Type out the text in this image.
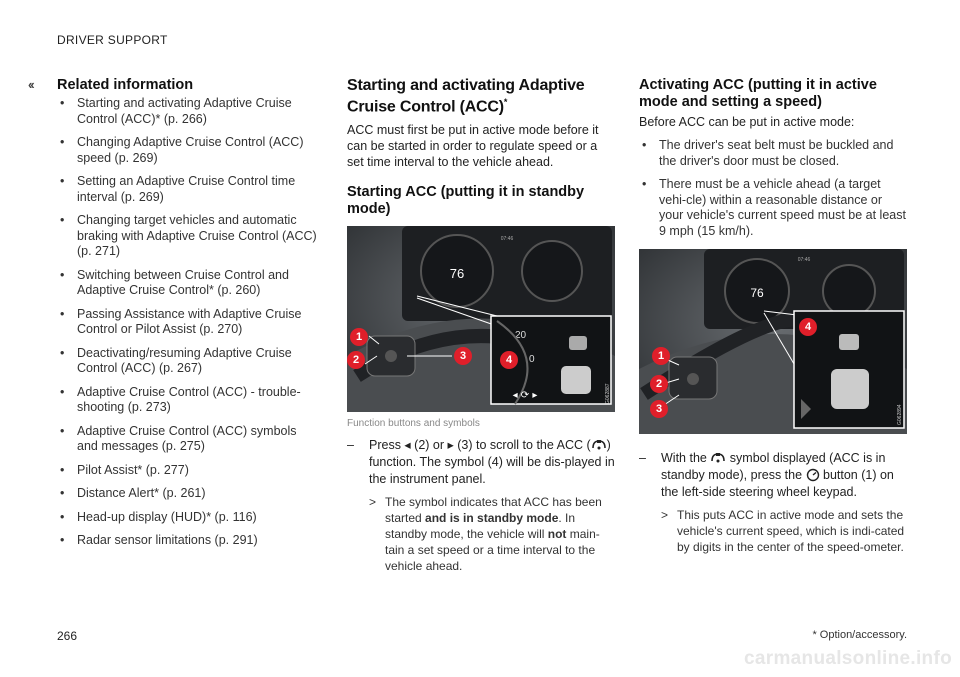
DRIVER SUPPORT
‹‹ Related information
• Starting and activating Adaptive Cruise Control (ACC)* (p. 266)
• Changing Adaptive Cruise Control (ACC) speed (p. 269)
• Setting an Adaptive Cruise Control time interval (p. 269)
• Changing target vehicles and automatic braking with Adaptive Cruise Control (ACC) (p. 271)
• Switching between Cruise Control and Adaptive Cruise Control* (p. 260)
• Passing Assistance with Adaptive Cruise Control or Pilot Assist (p. 270)
• Deactivating/resuming Adaptive Cruise Control (ACC) (p. 267)
• Adaptive Cruise Control (ACC) - trouble-shooting (p. 273)
• Adaptive Cruise Control (ACC) symbols and messages (p. 275)
• Pilot Assist* (p. 277)
• Distance Alert* (p. 261)
• Head-up display (HUD)* (p. 116)
• Radar sensor limitations (p. 291)
Starting and activating Adaptive Cruise Control (ACC)*

ACC must first be put in active mode before it can be started in order to regulate speed or a set time interval to the vehicle ahead.

Starting ACC (putting it in standby mode)
76
07:46
20
0
◂ ⟳ ▸	G062887
1
2	3	4
Function buttons and symbols
– Press ◂ (2) or ▸ (3) to scroll to the ACC ( ) function. The symbol (4) will be dis-played in the instrument panel.
> The symbol indicates that ACC has been started and is in standby mode. In standby mode, the vehicle will not main-tain a set speed or a time interval to the vehicle ahead.
Activating ACC (putting it in active mode and setting a speed)

Before ACC can be put in active mode:

• The driver's seat belt must be buckled and the driver's door must be closed.
• There must be a vehicle ahead (a target vehi-cle) within a reasonable distance or your vehicle's current speed must be at least 9 mph (15 km/h).
76
07:46
G062894
1
2
3
4
– With the  symbol displayed (ACC is in standby mode), press the  button (1) on the left-side steering wheel keypad.
> This puts ACC in active mode and sets the vehicle's current speed, which is indi-cated by digits in the center of the speed-ometer.
266	* Option/accessory.
carmanualsonline.info
